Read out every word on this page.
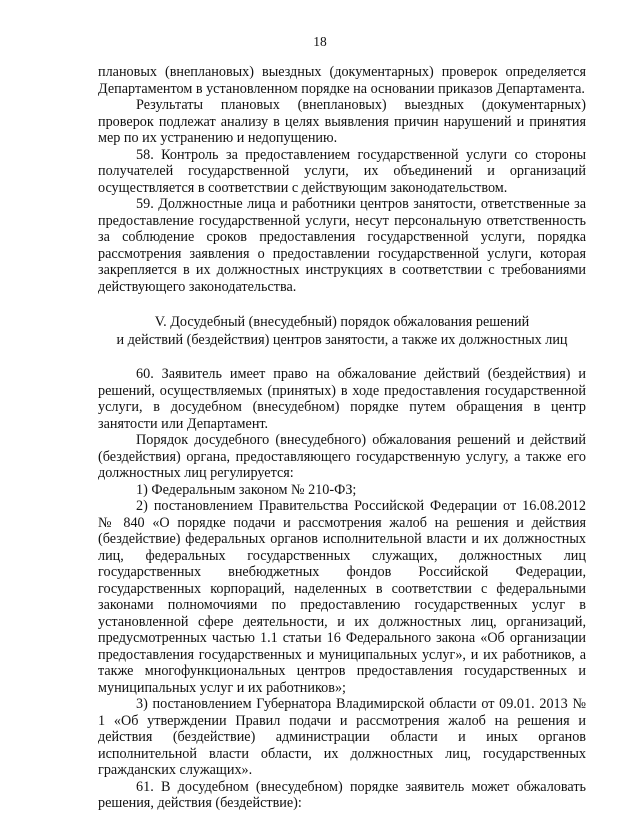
18

плановых (внеплановых) выездных (документарных) проверок определяется Департаментом в установленном порядке на основании приказов Департамента.

Результаты плановых (внеплановых) выездных (документарных) проверок подлежат анализу в целях выявления причин нарушений и принятия мер по их устранению и недопущению.

58. Контроль за предоставлением государственной услуги со стороны получателей государственной услуги, их объединений и организаций осуществляется в соответствии с действующим законодательством.

59. Должностные лица и работники центров занятости, ответственные за предоставление государственной услуги, несут персональную ответственность за соблюдение сроков предоставления государственной услуги, порядка рассмотрения заявления о предоставлении государственной услуги, которая закрепляется в их должностных инструкциях в соответствии с требованиями действующего законодательства.

V. Досудебный (внесудебный) порядок обжалования решений
и действий (бездействия) центров занятости, а также их должностных лиц

60. Заявитель имеет право на обжалование действий (бездействия) и решений, осуществляемых (принятых) в ходе предоставления государственной услуги, в досудебном (внесудебном) порядке путем обращения в центр занятости или Департамент.

Порядок досудебного (внесудебного) обжалования решений и действий (бездействия) органа, предоставляющего государственную услугу, а также его должностных лиц регулируется:

1) Федеральным законом № 210-ФЗ;

2) постановлением Правительства Российской Федерации от 16.08.2012 № 840 «О порядке подачи и рассмотрения жалоб на решения и действия (бездействие) федеральных органов исполнительной власти и их должностных лиц, федеральных государственных служащих, должностных лиц государственных внебюджетных фондов Российской Федерации, государственных корпораций, наделенных в соответствии с федеральными законами полномочиями по предоставлению государственных услуг в установленной сфере деятельности, и их должностных лиц, организаций, предусмотренных частью 1.1 статьи 16 Федерального закона «Об организации предоставления государственных и муниципальных услуг», и их работников, а также многофункциональных центров предоставления государственных и муниципальных услуг и их работников»;

3) постановлением Губернатора Владимирской области от 09.01. 2013 № 1 «Об утверждении Правил подачи и рассмотрения жалоб на решения и действия (бездействие) администрации области и иных органов исполнительной власти области, их должностных лиц, государственных гражданских служащих».

61. В досудебном (внесудебном) порядке заявитель может обжаловать решения, действия (бездействие):
